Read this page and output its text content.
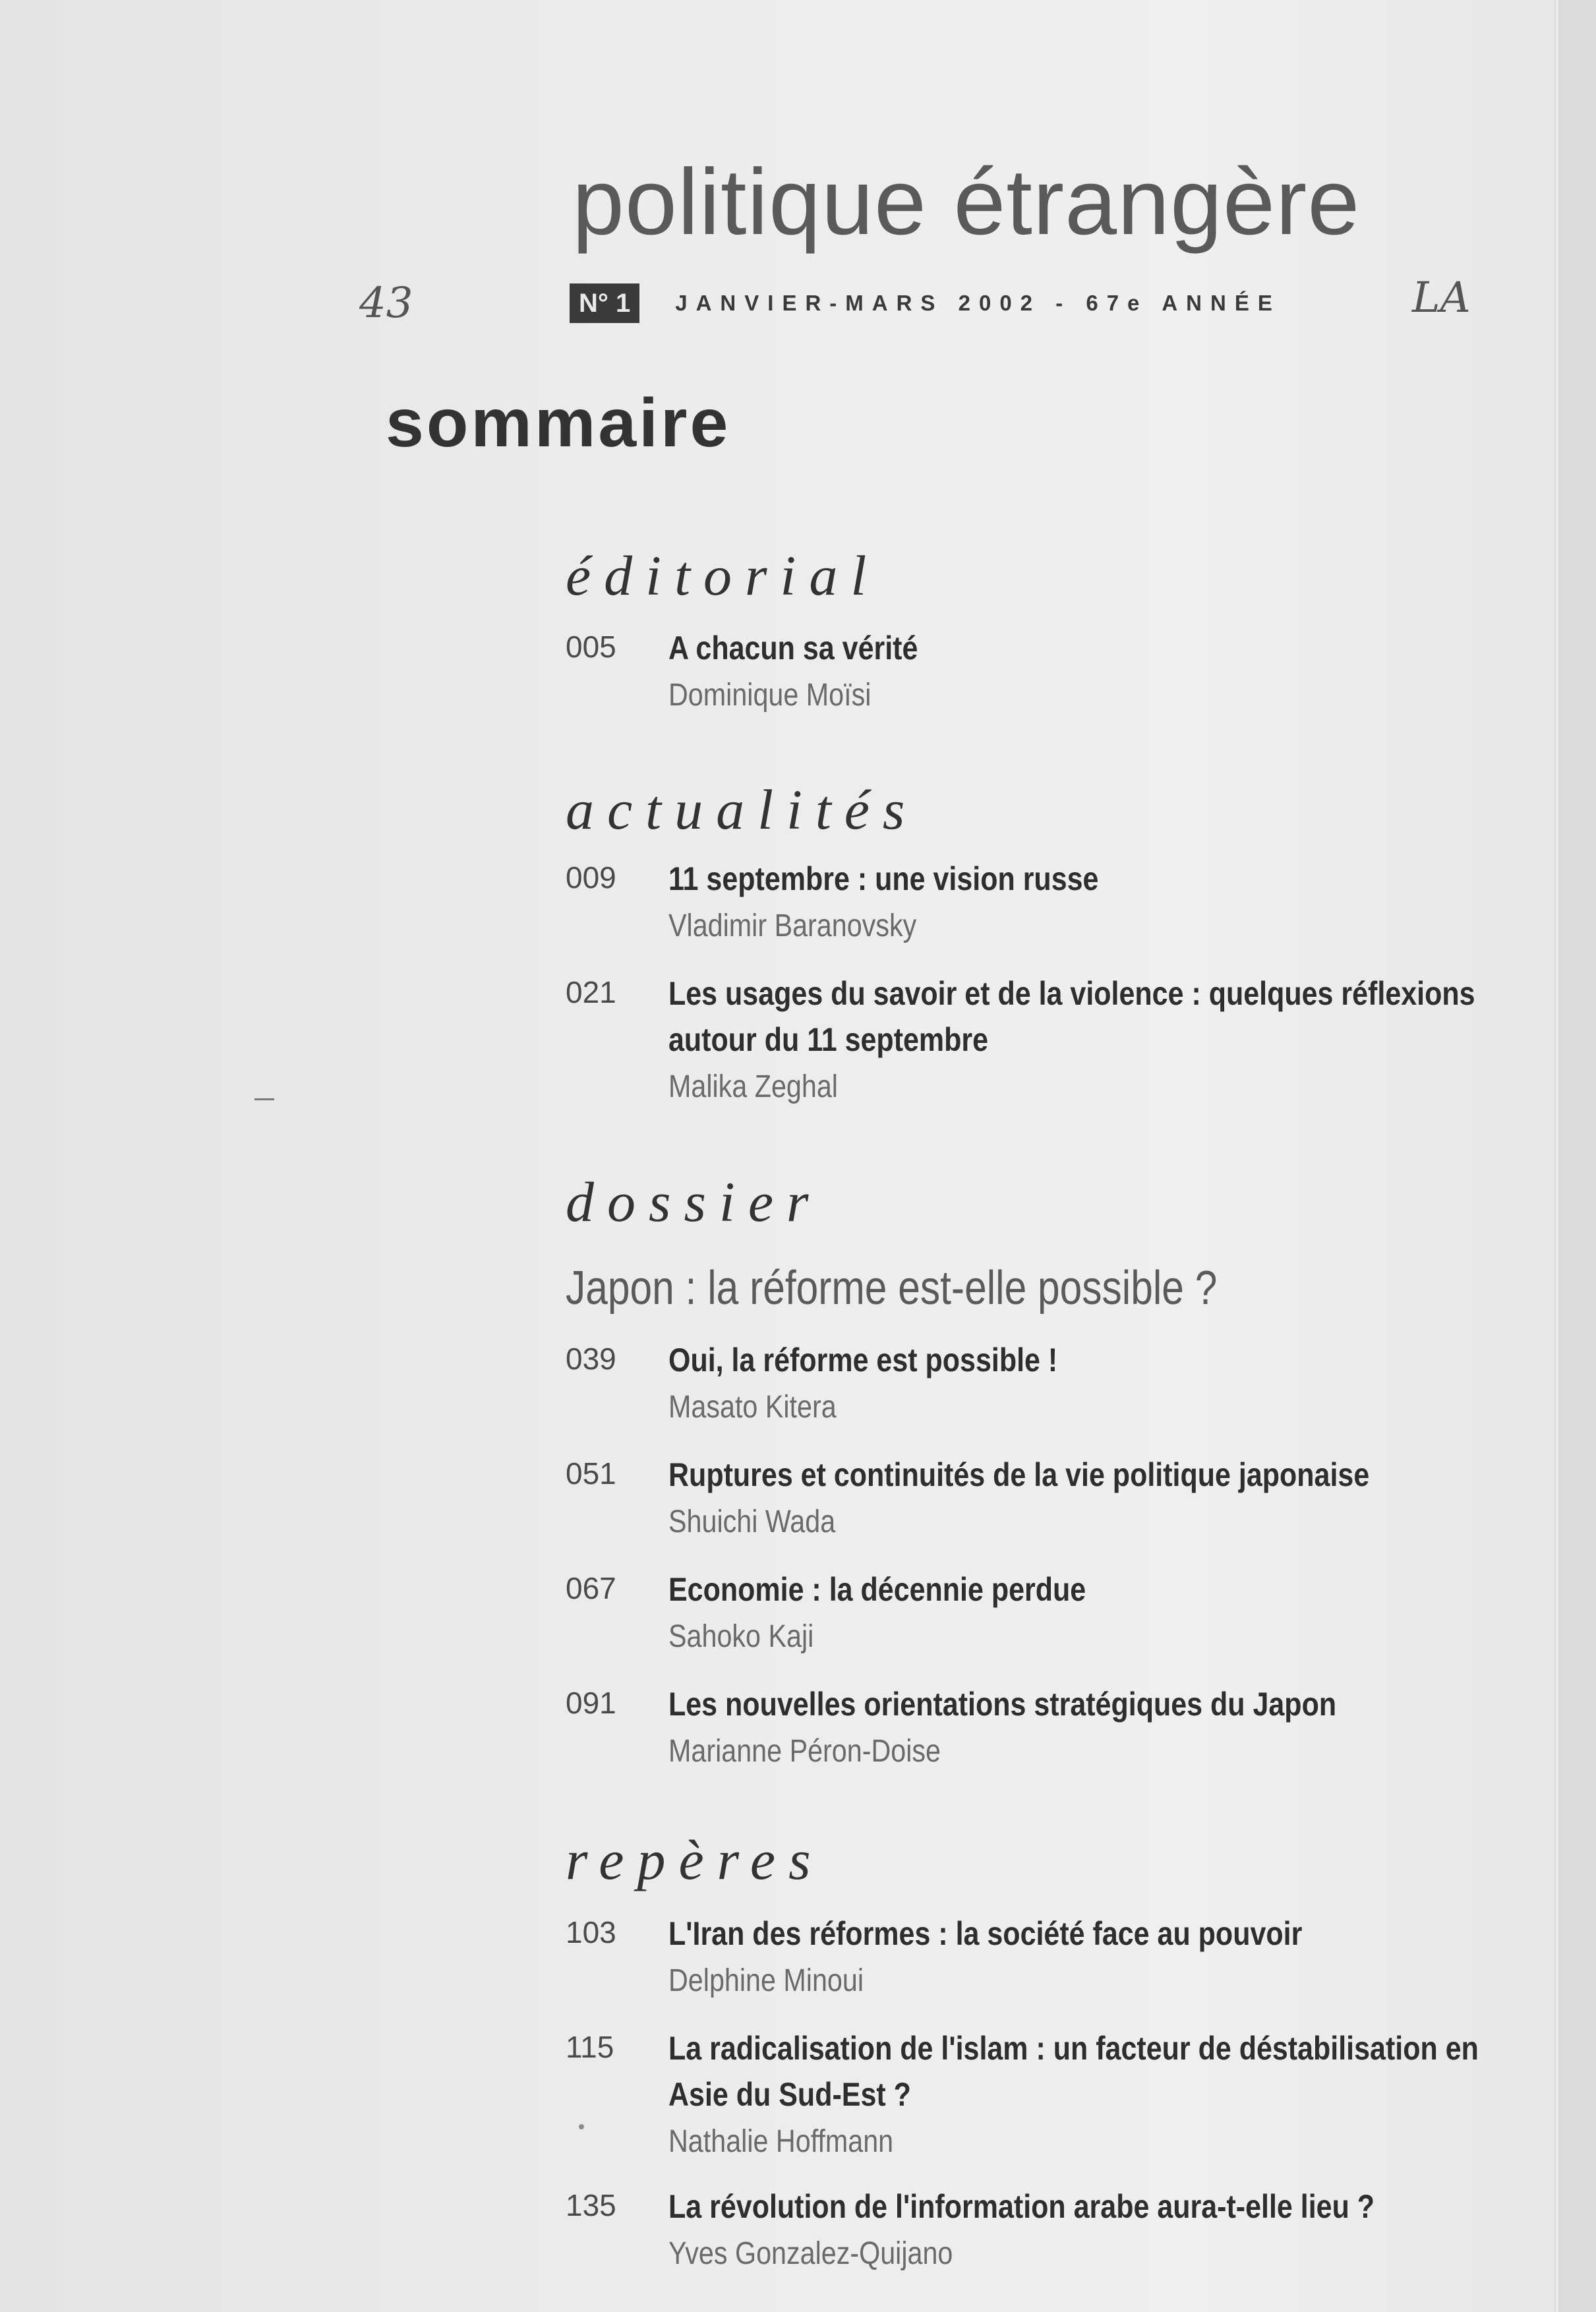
politique étrangère
43	N° 1	JANVIER-MARS 2002 - 67e ANNÉE	LA
sommaire
éditorial
005 A chacun sa vérité
Dominique Moïsi
actualités
009 11 septembre : une vision russe
Vladimir Baranovsky
021 Les usages du savoir et de la violence : quelques réflexions autour du 11 septembre
Malika Zeghal
dossier
Japon : la réforme est-elle possible ?
039 Oui, la réforme est possible !
Masato Kitera
051 Ruptures et continuités de la vie politique japonaise
Shuichi Wada
067 Economie : la décennie perdue
Sahoko Kaji
091 Les nouvelles orientations stratégiques du Japon
Marianne Péron-Doise
repères
103 L'Iran des réformes : la société face au pouvoir
Delphine Minoui
115 La radicalisation de l'islam : un facteur de déstabilisation en Asie du Sud-Est ?
Nathalie Hoffmann
135 La révolution de l'information arabe aura-t-elle lieu ?
Yves Gonzalez-Quijano
